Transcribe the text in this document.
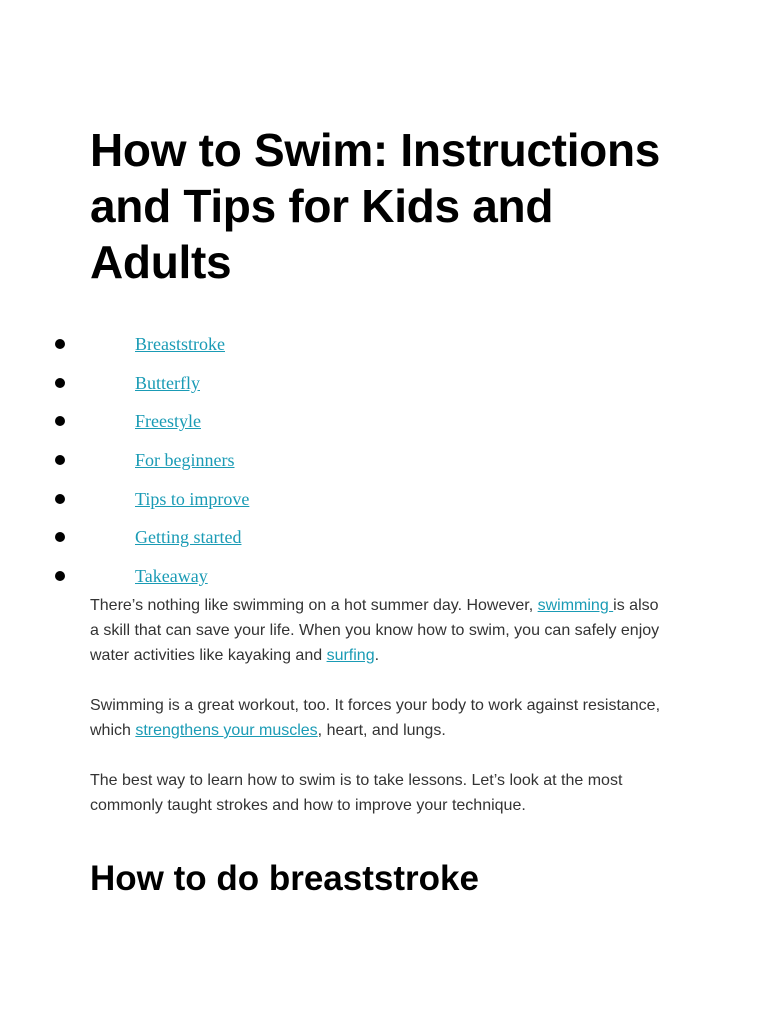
How to Swim: Instructions and Tips for Kids and Adults
Breaststroke
Butterfly
Freestyle
For beginners
Tips to improve
Getting started
Takeaway

There’s nothing like swimming on a hot summer day. However, swimming is also a skill that can save your life. When you know how to swim, you can safely enjoy water activities like kayaking and surfing.

Swimming is a great workout, too. It forces your body to work against resistance, which strengthens your muscles, heart, and lungs.

The best way to learn how to swim is to take lessons. Let’s look at the most commonly taught strokes and how to improve your technique.

How to do breaststroke
